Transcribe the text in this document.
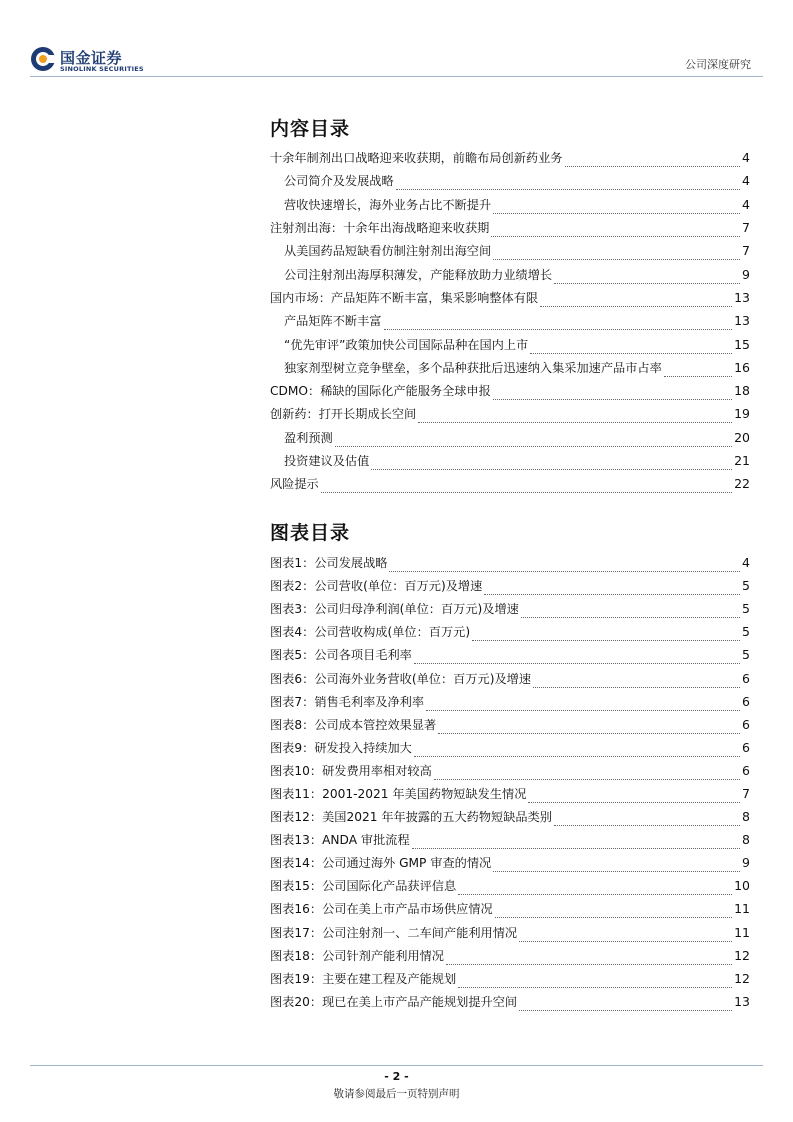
国金证券
SINOLINK SECURITIES	公司深度研究
内容目录
十余年制剂出口战略迎来收获期，前瞻布局创新药业务	4
公司简介及发展战略	4
营收快速增长，海外业务占比不断提升	4
注射剂出海：十余年出海战略迎来收获期	7
从美国药品短缺看仿制注射剂出海空间	7
公司注射剂出海厚积薄发，产能释放助力业绩增长	9
国内市场：产品矩阵不断丰富，集采影响整体有限	13
产品矩阵不断丰富	13
“优先审评”政策加快公司国际品种在国内上市	15
独家剂型树立竞争壁垒，多个品种获批后迅速纳入集采加速产品市占率	16
CDMO：稀缺的国际化产能服务全球申报	18
创新药：打开长期成长空间	19
盈利预测	20
投资建议及估值	21
风险提示	22
图表目录
图表1：公司发展战略	4
图表2：公司营收(单位：百万元)及增速	5
图表3：公司归母净利润(单位：百万元)及增速	5
图表4：公司营收构成(单位：百万元)	5
图表5：公司各项目毛利率	5
图表6：公司海外业务营收(单位：百万元)及增速	6
图表7：销售毛利率及净利率	6
图表8：公司成本管控效果显著	6
图表9：研发投入持续加大	6
图表10：研发费用率相对较高	6
图表11：2001-2021 年美国药物短缺发生情况	7
图表12：美国2021 年年披露的五大药物短缺品类别	8
图表13：ANDA 审批流程	8
图表14：公司通过海外 GMP 审查的情况	9
图表15：公司国际化产品获评信息	10
图表16：公司在美上市产品市场供应情况	11
图表17：公司注射剂一、二车间产能利用情况	11
图表18：公司针剂产能利用情况	12
图表19：主要在建工程及产能规划	12
图表20：现已在美上市产品产能规划提升空间	13
- 2 -
敬请参阅最后一页特别声明
